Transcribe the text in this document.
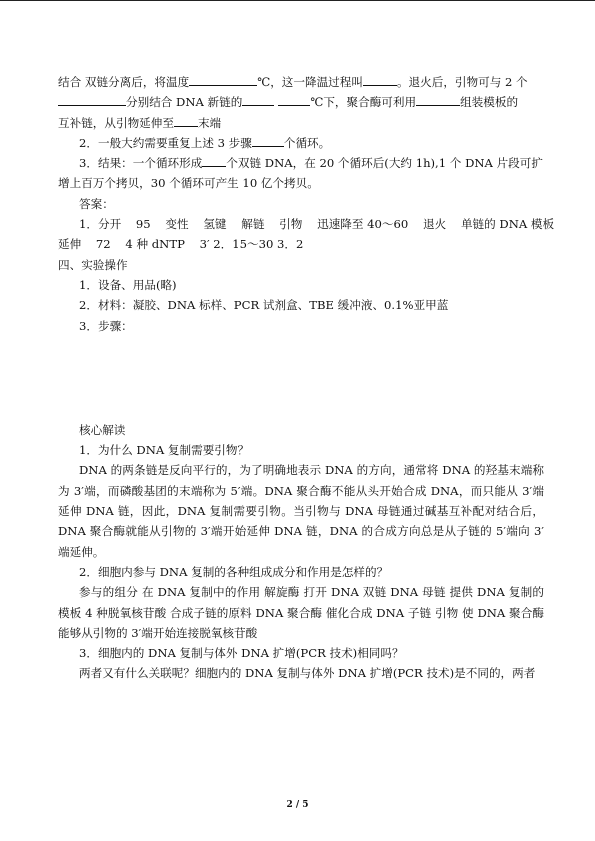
结合 双链分离后，将温度	℃，这一降温过程叫	。退火后，引物可与 2 个
分别结合 DNA 新链的	℃下，聚合酶可利用	组装模板的
互补链，从引物延伸至 末端
2．一般大约需要重复上述 3 步骤	个循环。
3．结果：一个循环形成 个双链 DNA，在 20 个循环后(大约 1h),1 个 DNA 片段可扩
增上百万个拷贝，30 个循环可产生 10 亿个拷贝。
答案：
1．分开    95    变性    氢键    解链    引物    迅速降至 40～60    退火    单链的 DNA 模板
延伸    72    4 种 dNTP    3′ 2．15～30 3．2
四、实验操作
1．设备、用品(略)
2．材料：凝胶、DNA 标样、PCR 试剂盒、TBE 缓冲液、0.1%亚甲蓝
3．步骤：
核心解读
1．为什么 DNA 复制需要引物？
DNA 的两条链是反向平行的，为了明确地表示 DNA 的方向，通常将 DNA 的羟基末端称为 3′端，而磷酸基团的末端称为 5′端。DNA 聚合酶不能从头开始合成 DNA，而只能从 3′端延伸 DNA 链，因此，DNA 复制需要引物。当引物与 DNA 母链通过碱基互补配对结合后，DNA 聚合酶就能从引物的 3′端开始延伸 DNA 链，DNA 的合成方向总是从子链的 5′端向 3′端延伸。
2．细胞内参与 DNA 复制的各种组成成分和作用是怎样的？
参与的组分 在 DNA 复制中的作用 解旋酶 打开 DNA 双链 DNA 母链 提供 DNA 复制的模板 4 种脱氧核苷酸 合成子链的原料 DNA 聚合酶 催化合成 DNA 子链 引物 使 DNA 聚合酶能够从引物的 3′端开始连接脱氧核苷酸
3．细胞内的 DNA 复制与体外 DNA 扩增(PCR 技术)相同吗？
两者又有什么关联呢？细胞内的 DNA 复制与体外 DNA 扩增(PCR 技术)是不同的，两者
2 / 5
